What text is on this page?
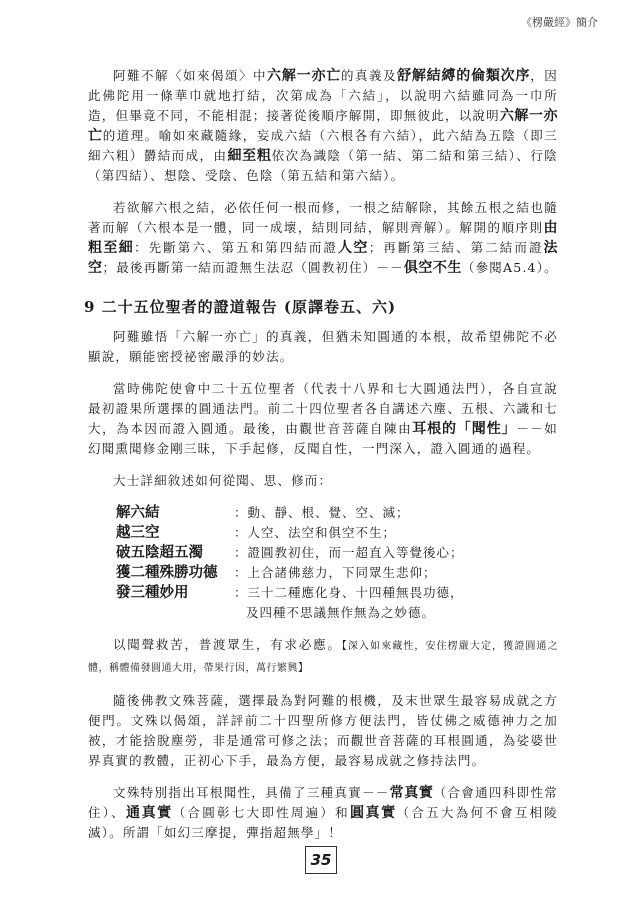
《楞嚴經》簡介

阿難不解〈如來偈頌〉中六解一亦亡的真義及舒解結縛的倫類次序，因此佛陀用一條華巾就地打結，次第成為「六結」，以說明六結雖同為一巾所造，但畢竟不同，不能相混；接著從後順序解開，即無彼此，以說明六解一亦亡的道理。喻如來藏隨緣，妄成六結（六根各有六結），此六結為五陰（即三細六粗）欝結而成，由細至粗依次為識陰（第一結、第二結和第三結）、行陰（第四結）、想陰、受陰、色陰（第五結和第六結）。

若欲解六根之結，必依任何一根而修，一根之結解除，其餘五根之結也隨著而解（六根本是一體，同一成壞，結則同結，解則齊解）。解開的順序則由粗至細：先斷第六、第五和第四結而證人空；再斷第三結、第二結而證法空；最後再斷第一結而證無生法忍（圓教初住）－－俱空不生（參閱A5.4）。

9 二十五位聖者的證道報告 (原譯卷五、六)

阿難雖悟「六解一亦亡」的真義，但猶未知圓通的本根，故希望佛陀不必顯說，願能密授祕密嚴淨的妙法。

當時佛陀使會中二十五位聖者（代表十八界和七大圓通法門），各自宣說最初證果所選擇的圓通法門。前二十四位聖者各自講述六塵、五根、六識和七大，為本因而證入圓通。最後，由觀世音菩薩自陳由耳根的「聞性」－－如幻聞熏聞修金剛三昧，下手起修，反聞自性，一門深入，證入圓通的過程。

大士詳細敘述如何從聞、思、修而：

解六結	：動、靜、根、覺、空、滅；
越三空	：人空、法空和俱空不生；
破五陰超五濁	：證圓教初住，而一超直入等覺後心；
獲二種殊勝功德	：上合諸佛慈力，下同眾生悲仰；
發三種妙用	：三十二種應化身、十四種無畏功德，
及四種不思議無作無為之妙德。

以聞聲救苦，普渡眾生，有求必應。【深入如來藏性，安住楞嚴大定，獲證圓通之體，稱體備發圓通大用，帶果行因，萬行繁興】

隨後佛教文殊菩薩，選擇最為對阿難的根機，及末世眾生最容易成就之方便門。文殊以偈頌，詳評前二十四聖所修方便法門，皆仗佛之威德神力之加被，才能捨脫塵勞，非是通常可修之法；而觀世音菩薩的耳根圓通，為娑婆世界真實的教體，正初心下手，最為方便，最容易成就之修持法門。

文殊特別指出耳根聞性，具備了三種真實－－常真實（合會通四科即性常住）、通真實（合圓彰七大即性周遍）和圓真實（合五大為何不會互相陵滅）。所謂「如幻三摩提，彈指超無學」！

35
